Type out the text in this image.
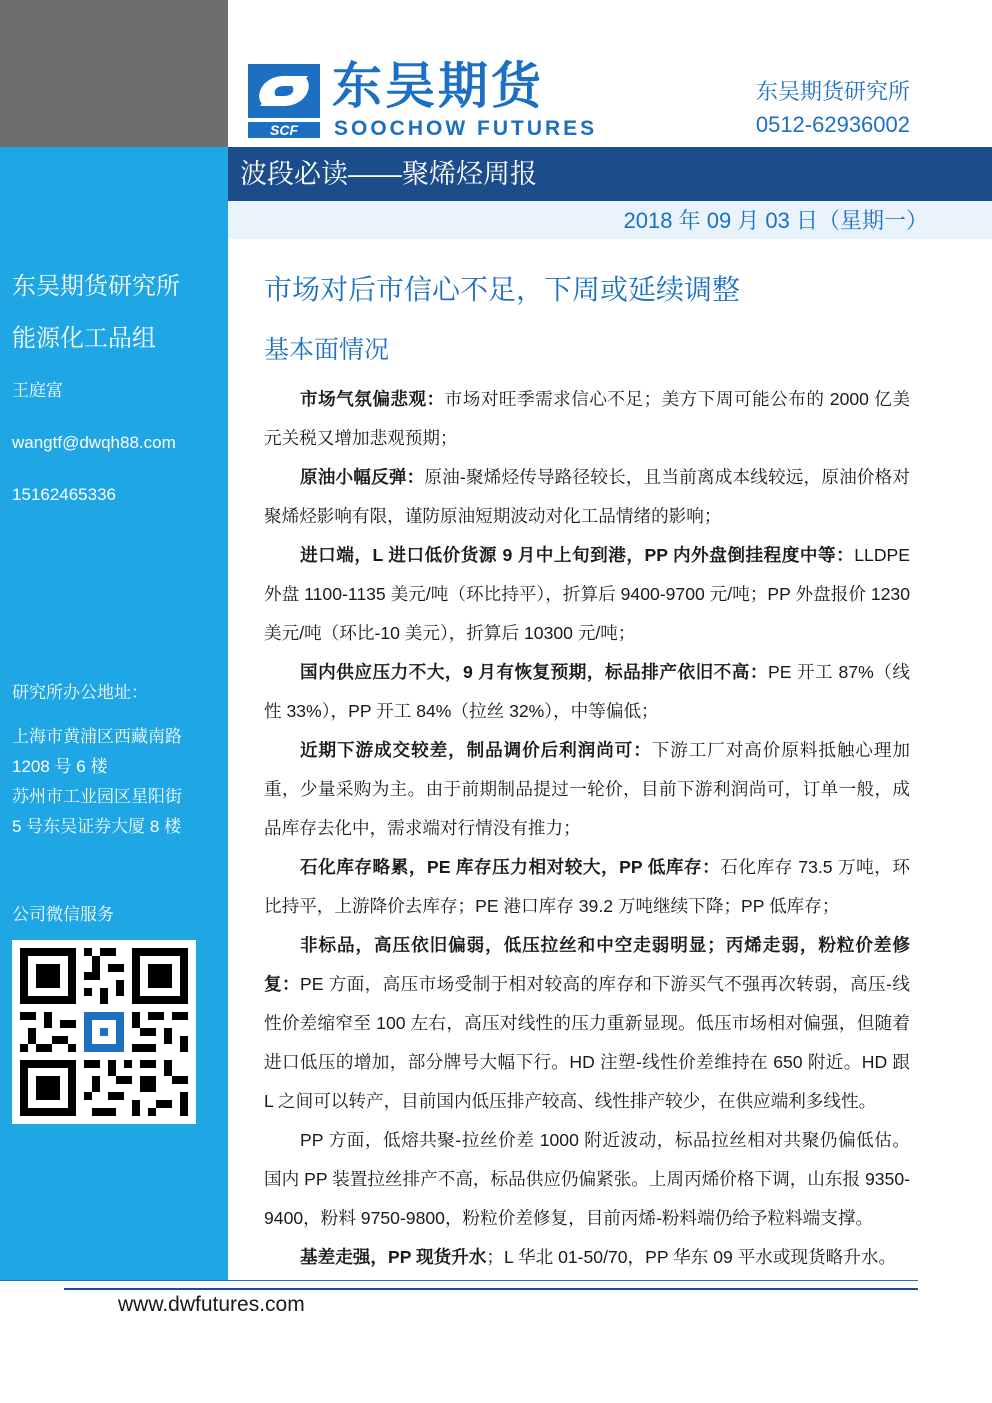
东吴期货研究所
能源化工品组
王庭富
wangtf@dwqh88.com
15162465336
研究所办公地址：
上海市黄浦区西藏南路
1208 号 6 楼
苏州市工业园区星阳街
5 号东吴证券大厦 8 楼
公司微信服务
SCF
东吴期货
SOOCHOW FUTURES
东吴期货研究所
0512-62936002
波段必读——聚烯烃周报
2018 年 09 月 03 日（星期一）
市场对后市信心不足，下周或延续调整
基本面情况

市场气氛偏悲观：市场对旺季需求信心不足；美方下周可能公布的 2000 亿美元关税又增加悲观预期；

原油小幅反弹：原油-聚烯烃传导路径较长，且当前离成本线较远，原油价格对聚烯烃影响有限，谨防原油短期波动对化工品情绪的影响；

进口端，L 进口低价货源 9 月中上旬到港，PP 内外盘倒挂程度中等：LLDPE 外盘 1100-1135 美元/吨（环比持平），折算后 9400-9700 元/吨；PP 外盘报价 1230 美元/吨（环比-10 美元），折算后 10300 元/吨；

国内供应压力不大，9 月有恢复预期，标品排产依旧不高：PE 开工 87%（线性 33%），PP 开工 84%（拉丝 32%），中等偏低；

近期下游成交较差，制品调价后利润尚可：下游工厂对高价原料抵触心理加重，少量采购为主。由于前期制品提过一轮价，目前下游利润尚可，订单一般，成品库存去化中，需求端对行情没有推力；

石化库存略累，PE 库存压力相对较大，PP 低库存：石化库存 73.5 万吨，环比持平，上游降价去库存；PE 港口库存 39.2 万吨继续下降；PP 低库存；

非标品，高压依旧偏弱，低压拉丝和中空走弱明显；丙烯走弱，粉粒价差修复：PE 方面，高压市场受制于相对较高的库存和下游买气不强再次转弱，高压-线性价差缩窄至 100 左右，高压对线性的压力重新显现。低压市场相对偏强，但随着进口低压的增加，部分牌号大幅下行。HD 注塑-线性价差维持在 650 附近。HD 跟 L 之间可以转产，目前国内低压排产较高、线性排产较少，在供应端利多线性。

PP 方面，低熔共聚-拉丝价差 1000 附近波动，标品拉丝相对共聚仍偏低估。国内 PP 装置拉丝排产不高，标品供应仍偏紧张。上周丙烯价格下调，山东报 9350-9400，粉料 9750-9800，粉粒价差修复，目前丙烯-粉料端仍给予粒料端支撑。

基差走强，PP 现货升水；L 华北 01-50/70，PP 华东 09 平水或现货略升水。

www.dwfutures.com
